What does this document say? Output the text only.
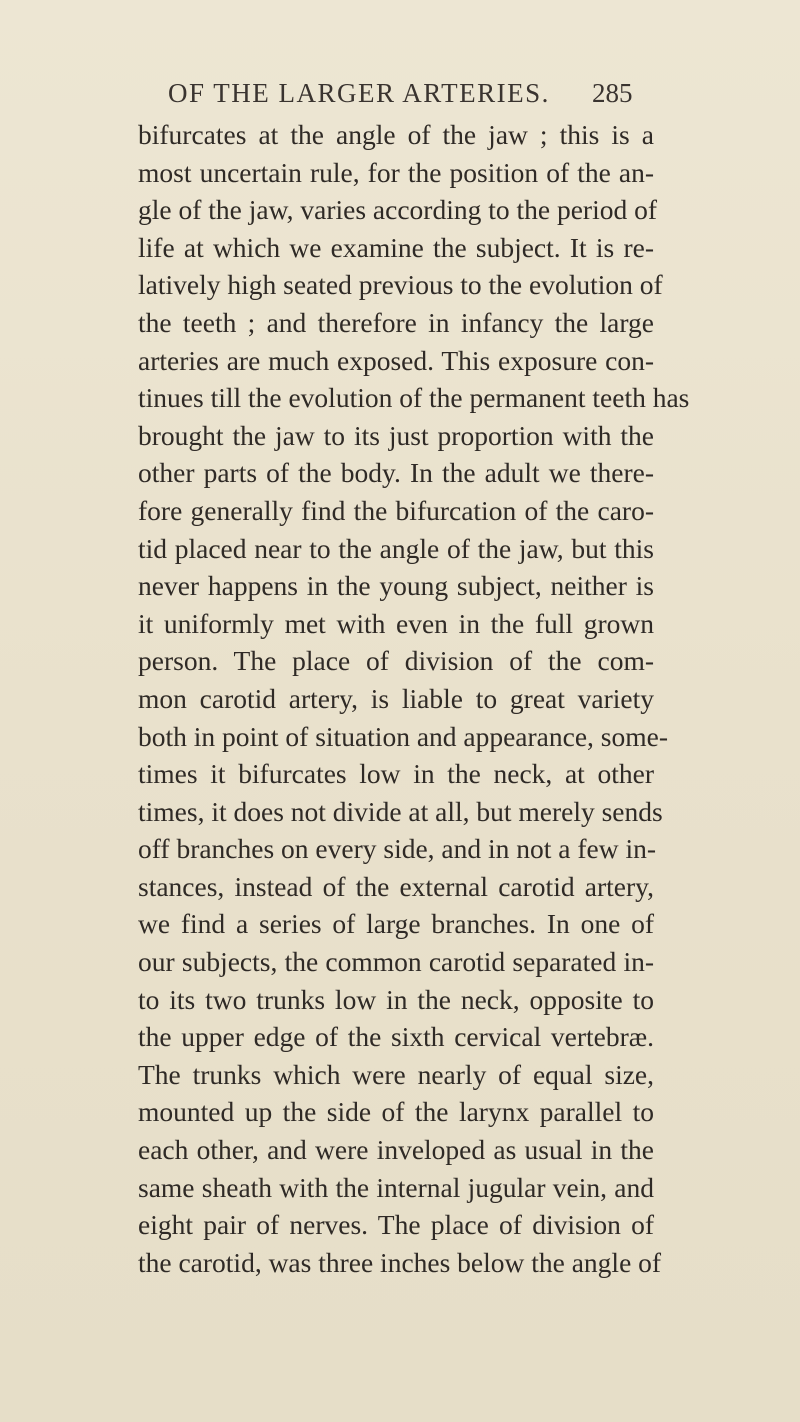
OF THE LARGER ARTERIES. 285
bifurcates at the angle of the jaw ; this is a
most uncertain rule, for the position of the an-
gle of the jaw, varies according to the period of
life at which we examine the subject. It is re-
latively high seated previous to the evolution of
the teeth ; and therefore in infancy the large
arteries are much exposed. This exposure con-
tinues till the evolution of the permanent teeth has
brought the jaw to its just proportion with the
other parts of the body. In the adult we there-
fore generally find the bifurcation of the caro-
tid placed near to the angle of the jaw, but this
never happens in the young subject, neither is
it uniformly met with even in the full grown
person. The place of division of the com-
mon carotid artery, is liable to great variety
both in point of situation and appearance, some-
times it bifurcates low in the neck, at other
times, it does not divide at all, but merely sends
off branches on every side, and in not a few in-
stances, instead of the external carotid artery,
we find a series of large branches. In one of
our subjects, the common carotid separated in-
to its two trunks low in the neck, opposite to
the upper edge of the sixth cervical vertebræ.
The trunks which were nearly of equal size,
mounted up the side of the larynx parallel to
each other, and were inveloped as usual in the
same sheath with the internal jugular vein, and
eight pair of nerves. The place of division of
the carotid, was three inches below the angle of
